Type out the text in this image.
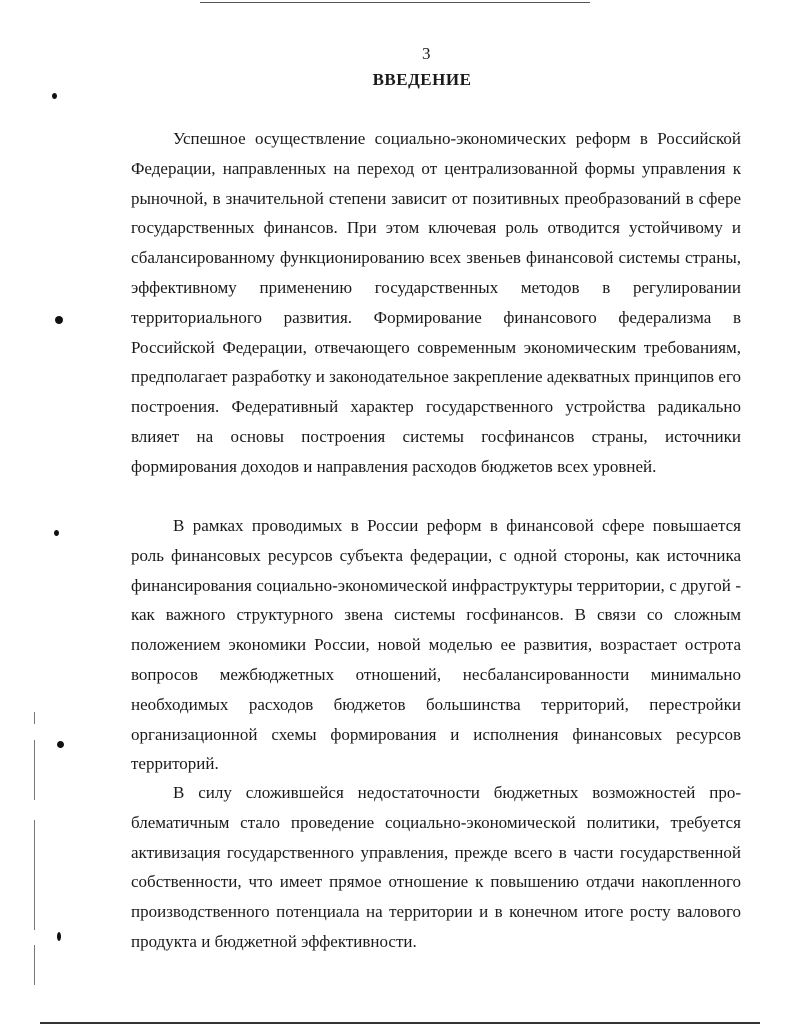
3
ВВЕДЕНИЕ

Успешное осуществление социально-экономических реформ в Российской Федерации, направленных на переход от централизованной формы управления к рыночной, в значительной степени зависит от позитивных преобразований в сфере государственных финансов. При этом ключевая роль отводится устойчивому и сбалансированному функционированию всех звеньев финансовой системы страны, эффективному применению государственных методов в регулировании территориального развития. Формирование финансового федерализма в Российской Федерации, отвечающего современным экономическим требованиям, предполагает разработку и законодательное закрепление адекватных принципов его построения. Федеративный характер государственного устройства радикально влияет на основы построения системы госфинансов страны, источники формирования доходов и направления расходов бюджетов всех уровней.

В рамках проводимых в России реформ в финансовой сфере повышается роль финансовых ресурсов субъекта федерации, с одной стороны, как источника финансирования социально-экономической инфраструктуры территории, с другой - как важного структурного звена системы госфинансов. В связи со сложным положением экономики России, новой моделью ее развития, возрастает острота вопросов межбюджетных отношений, несбалансированности минимально необходимых расходов бюджетов большинства территорий, перестройки организационной схемы формирования и исполнения финансовых ресурсов территорий.

В силу сложившейся недостаточности бюджетных возможностей проблематичным стало проведение социально-экономической политики, требуется активизация государственного управления, прежде всего в части государственной собственности, что имеет прямое отношение к повышению отдачи накопленного производственного потенциала на территории и в конечном итоге росту валового продукта и бюджетной эффективности.
